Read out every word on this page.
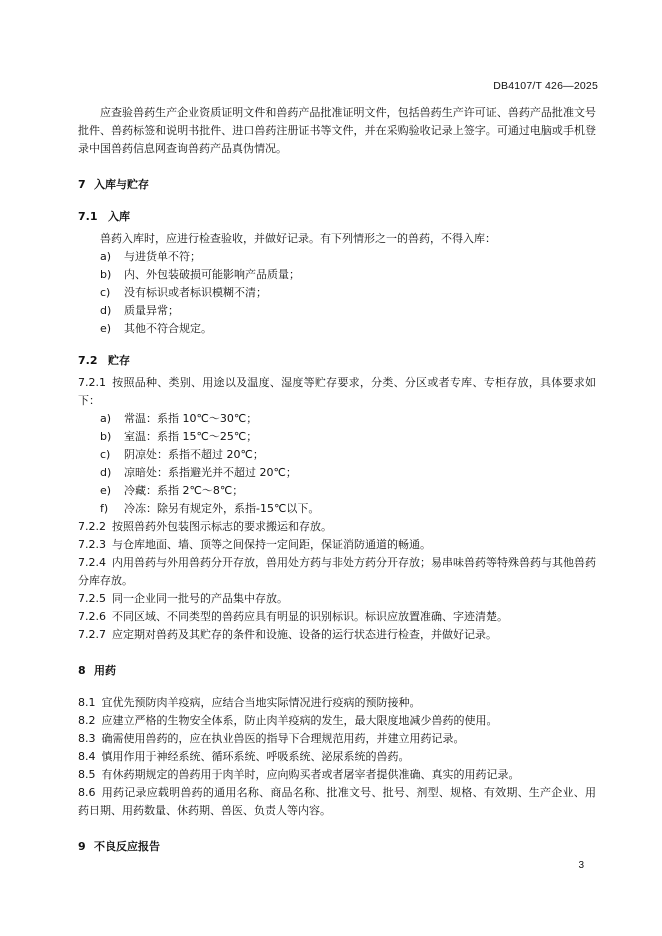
DB4107/T 426—2025

应查验兽药生产企业资质证明文件和兽药产品批准证明文件，包括兽药生产许可证、兽药产品批准文号批件、兽药标签和说明书批件、进口兽药注册证书等文件，并在采购验收记录上签字。可通过电脑或手机登录中国兽药信息网查询兽药产品真伪情况。

7 入库与贮存

7.1 入库

兽药入库时，应进行检查验收，并做好记录。有下列情形之一的兽药，不得入库：

a)	与进货单不符；
b)	内、外包装破损可能影响产品质量；
c)	没有标识或者标识模糊不清；
d)	质量异常；
e)	其他不符合规定。

7.2 贮存

7.2.1 按照品种、类别、用途以及温度、湿度等贮存要求，分类、分区或者专库、专柜存放，具体要求如下：

a)	常温：系指 10℃～30℃；
b)	室温：系指 15℃～25℃；
c)	阴凉处：系指不超过 20℃；
d)	凉暗处：系指避光并不超过 20℃；
e)	冷藏：系指 2℃～8℃；
f)	冷冻：除另有规定外，系指-15℃以下。

7.2.2 按照兽药外包装图示标志的要求搬运和存放。

7.2.3 与仓库地面、墙、顶等之间保持一定间距，保证消防通道的畅通。

7.2.4 内用兽药与外用兽药分开存放，兽用处方药与非处方药分开存放；易串味兽药等特殊兽药与其他兽药分库存放。

7.2.5 同一企业同一批号的产品集中存放。

7.2.6 不同区域、不同类型的兽药应具有明显的识别标识。标识应放置准确、字迹清楚。

7.2.7 应定期对兽药及其贮存的条件和设施、设备的运行状态进行检查，并做好记录。

8 用药

8.1 宜优先预防肉羊疫病，应结合当地实际情况进行疫病的预防接种。

8.2 应建立严格的生物安全体系，防止肉羊疫病的发生，最大限度地减少兽药的使用。

8.3 确需使用兽药的，应在执业兽医的指导下合理规范用药，并建立用药记录。

8.4 慎用作用于神经系统、循环系统、呼吸系统、泌尿系统的兽药。

8.5 有休药期规定的兽药用于肉羊时，应向购买者或者屠宰者提供准确、真实的用药记录。

8.6 用药记录应载明兽药的通用名称、商品名称、批准文号、批号、剂型、规格、有效期、生产企业、用药日期、用药数量、休药期、兽医、负责人等内容。

9 不良反应报告

3
